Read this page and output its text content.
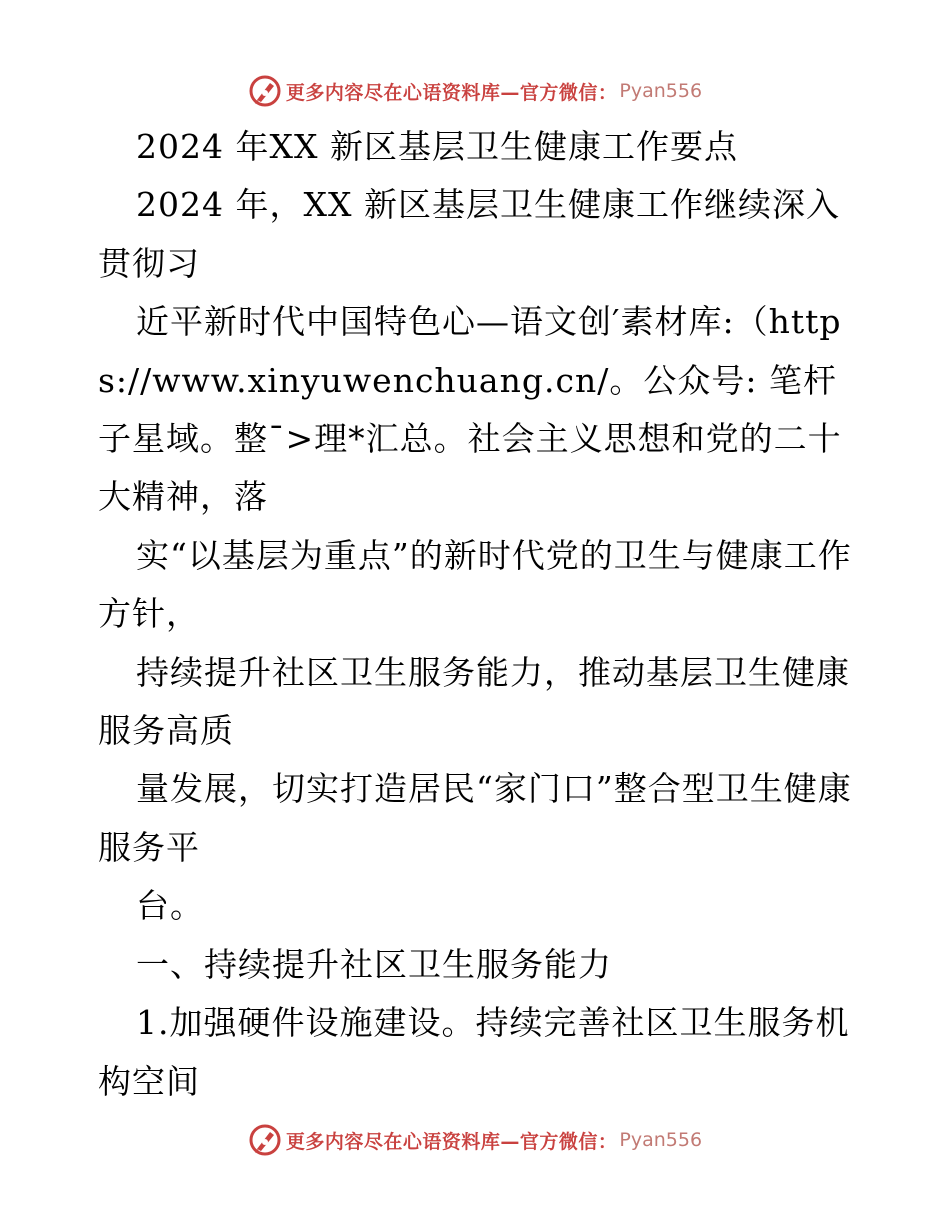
更多内容尽在心语资料库—官方微信： Pyan556

2024 年XX 新区基层卫生健康工作要点

2024 年，XX 新区基层卫生健康工作继续深入贯彻习

近平新时代中国特色心—语文创′素材库:（https://www.xinyuwenchuang.cn/。公众号: 笔杆子星域。整¯>理*汇总。社会主义思想和党的二十大精神，落

实“以基层为重点”的新时代党的卫生与健康工作方针，

持续提升社区卫生服务能力，推动基层卫生健康服务高质

量发展，切实打造居民“家门口”整合型卫生健康服务平

台。

一、持续提升社区卫生服务能力

1.加强硬件设施建设。持续完善社区卫生服务机构空间

更多内容尽在心语资料库—官方微信： Pyan556
